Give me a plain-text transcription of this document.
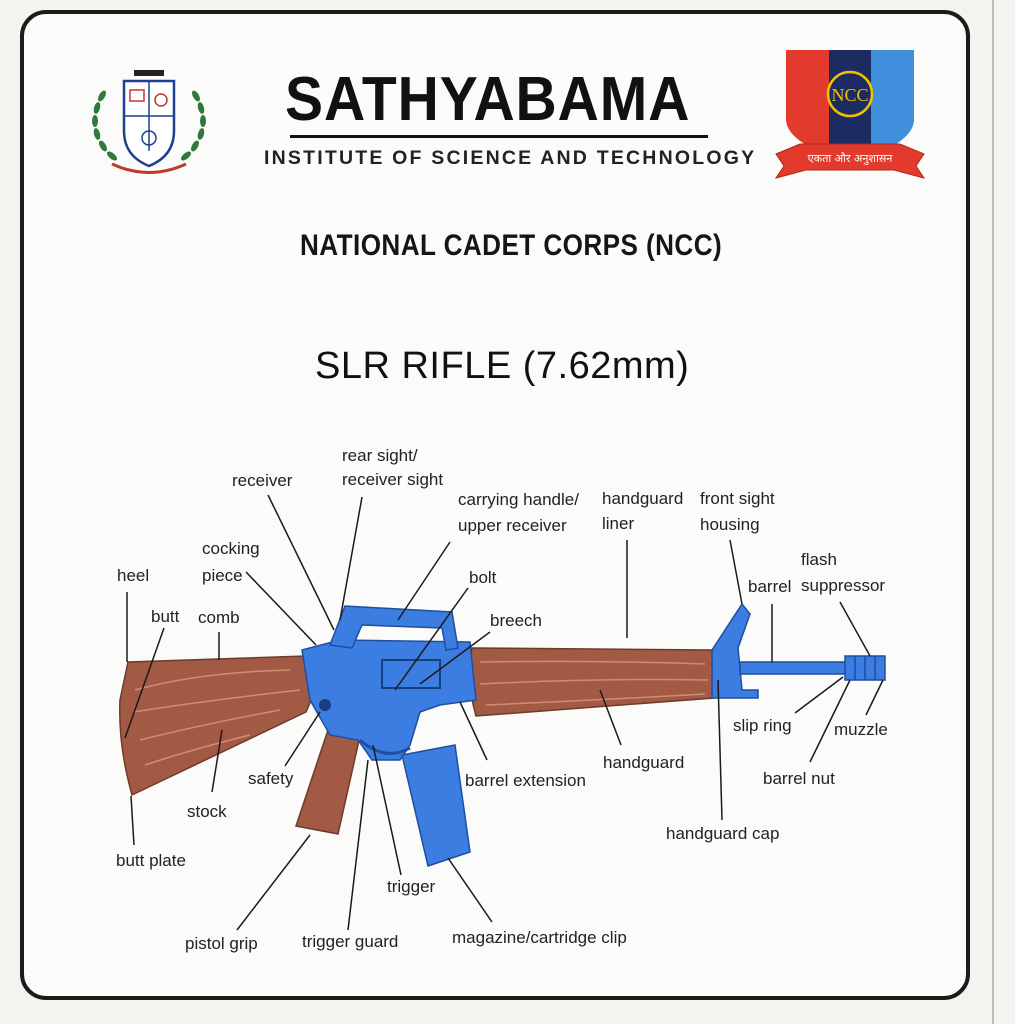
SATHYABAMA
INSTITUTE OF SCIENCE AND TECHNOLOGY
NCC
एकता और अनुशासन
NATIONAL CADET CORPS (NCC)
SLR RIFLE (7.62mm)
rear sight/
receiver sight
receiver
carrying handle/
upper receiver
handguard
liner
front sight
housing
cocking
piece
heel
butt comb
bolt
breech
barrel
flash
suppressor
slip ring muzzle
safety
stock
handguard
barrel extension	barrel nut
handguard cap
butt plate
trigger
pistol grip	trigger guard	magazine/cartridge clip
